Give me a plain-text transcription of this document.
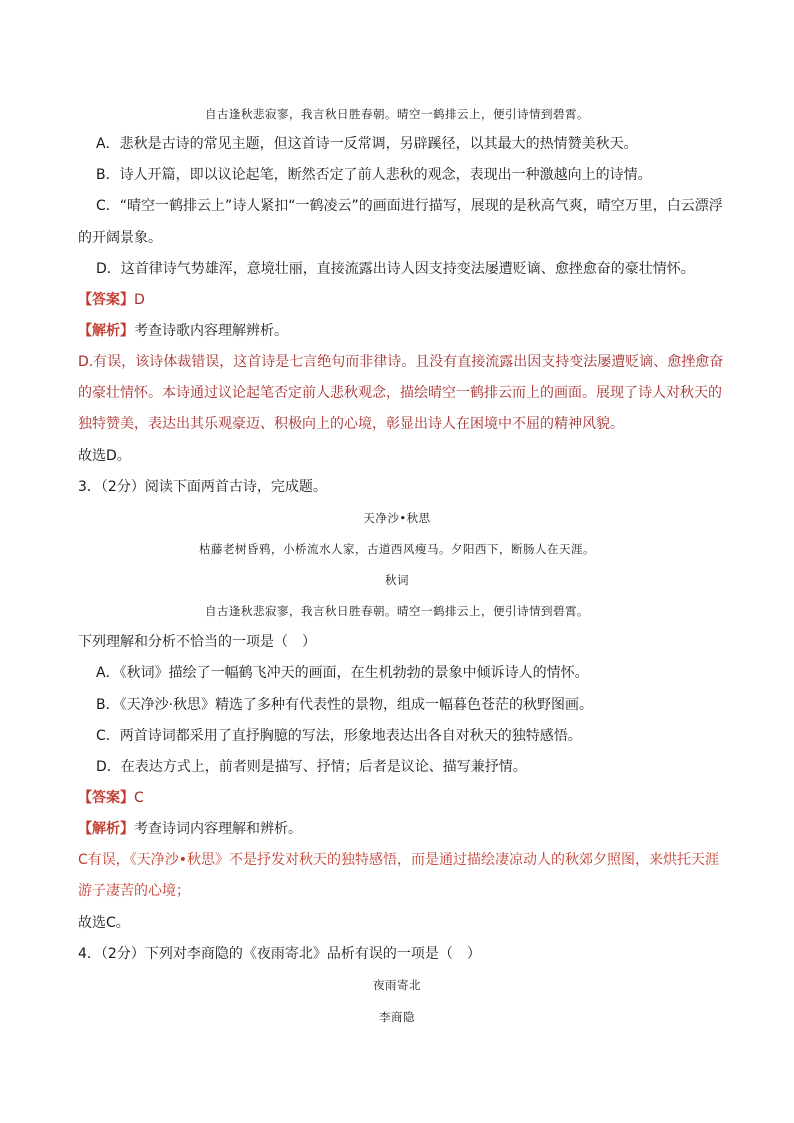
自古逢秋悲寂寥，我言秋日胜春朝。晴空一鹤排云上，便引诗情到碧霄。
A．悲秋是古诗的常见主题，但这首诗一反常调，另辟蹊径，以其最大的热情赞美秋天。
B．诗人开篇，即以议论起笔，断然否定了前人悲秋的观念，表现出一种激越向上的诗情。
C．“晴空一鹤排云上”诗人紧扣“一鹤凌云”的画面进行描写，展现的是秋高气爽，晴空万里，白云漂浮
的开阔景象。
D．这首律诗气势雄浑，意境壮丽，直接流露出诗人因支持变法屡遭贬谪、愈挫愈奋的豪壮情怀。
【答案】D
【解析】考查诗歌内容理解辨析。
D.有误，该诗体裁错误，这首诗是七言绝句而非律诗。且没有直接流露出因支持变法屡遭贬谪、愈挫愈奋
的豪壮情怀。本诗通过议论起笔否定前人悲秋观念，描绘晴空一鹤排云而上的画面。展现了诗人对秋天的
独特赞美，表达出其乐观豪迈、积极向上的心境，彰显出诗人在困境中不屈的精神风貌。
故选D。
3．（2分）阅读下面两首古诗，完成题。
天净沙•秋思
枯藤老树昏鸦，小桥流水人家，古道西风瘦马。夕阳西下，断肠人在天涯。
秋词
自古逢秋悲寂寥，我言秋日胜春朝。晴空一鹤排云上，便引诗情到碧霄。
下列理解和分析不恰当的一项是（　）
A．《秋词》描绘了一幅鹤飞冲天的画面，在生机勃勃的景象中倾诉诗人的情怀。
B．《天净沙·秋思》精选了多种有代表性的景物，组成一幅暮色苍茫的秋野图画。
C．两首诗词都采用了直抒胸臆的写法，形象地表达出各自对秋天的独特感悟。
D．在表达方式上，前者则是描写、抒情；后者是议论、描写兼抒情。
【答案】C
【解析】考查诗词内容理解和辨析。
C有误，《天净沙•秋思》不是抒发对秋天的独特感悟，而是通过描绘凄凉动人的秋郊夕照图，来烘托天涯
游子凄苦的心境；
故选C。
4．（2分）下列对李商隐的《夜雨寄北》品析有误的一项是（　）
夜雨寄北
李商隐
